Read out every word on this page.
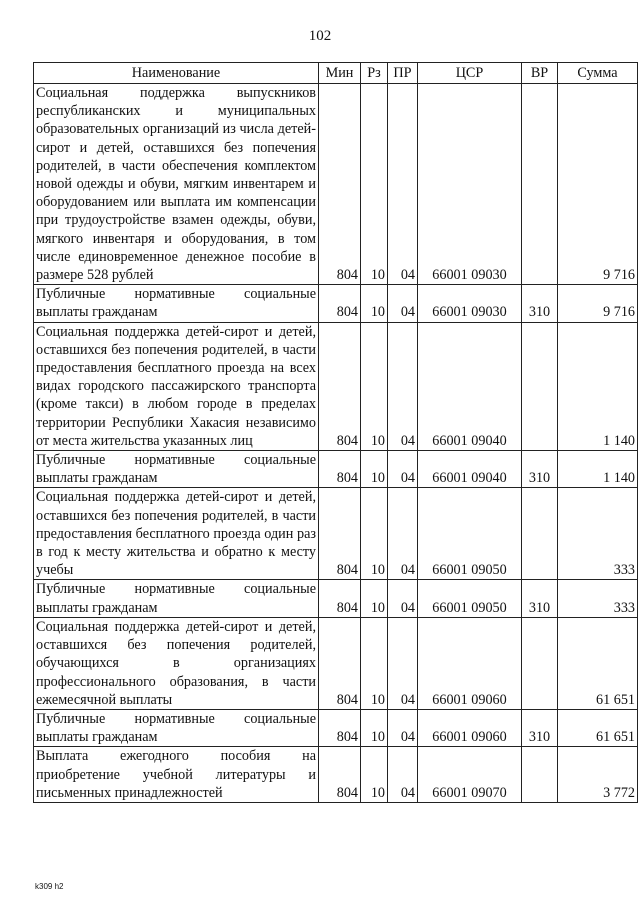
102
Наименование	Мин	Рз	ПР	ЦСР	ВР	Сумма
Социальная поддержка выпускников республиканских и муниципальных образовательных организаций из числа детей-сирот и детей, оставшихся без попечения родителей, в части обеспечения комплектом новой одежды и обуви, мягким инвентарем и оборудованием или выплата им компенсации при трудоустройстве взамен одежды, обуви, мягкого инвентаря и оборудования, в том числе единовременное денежное пособие в размере 528 рублей	804	10	04	66001 09030		9 716
Публичные нормативные социальные выплаты гражданам	804	10	04	66001 09030	310	9 716
Социальная поддержка детей-сирот и детей, оставшихся без попечения родителей, в части предоставления бесплатного проезда на всех видах городского пассажирского транспорта (кроме такси) в любом городе в пределах территории Республики Хакасия независимо от места жительства указанных лиц	804	10	04	66001 09040		1 140
Публичные нормативные социальные выплаты гражданам	804	10	04	66001 09040	310	1 140
Социальная поддержка детей-сирот и детей, оставшихся без попечения родителей, в части предоставления бесплатного проезда один раз в год к месту жительства и обратно к месту учебы	804	10	04	66001 09050		333
Публичные нормативные социальные выплаты гражданам	804	10	04	66001 09050	310	333
Социальная поддержка детей-сирот и детей, оставшихся без попечения родителей, обучающихся в организациях профессионального образования, в части ежемесячной выплаты	804	10	04	66001 09060		61 651
Публичные нормативные социальные выплаты гражданам	804	10	04	66001 09060	310	61 651
Выплата ежегодного пособия на приобретение учебной литературы и письменных принадлежностей	804	10	04	66001 09070		3 772
k309 h2
